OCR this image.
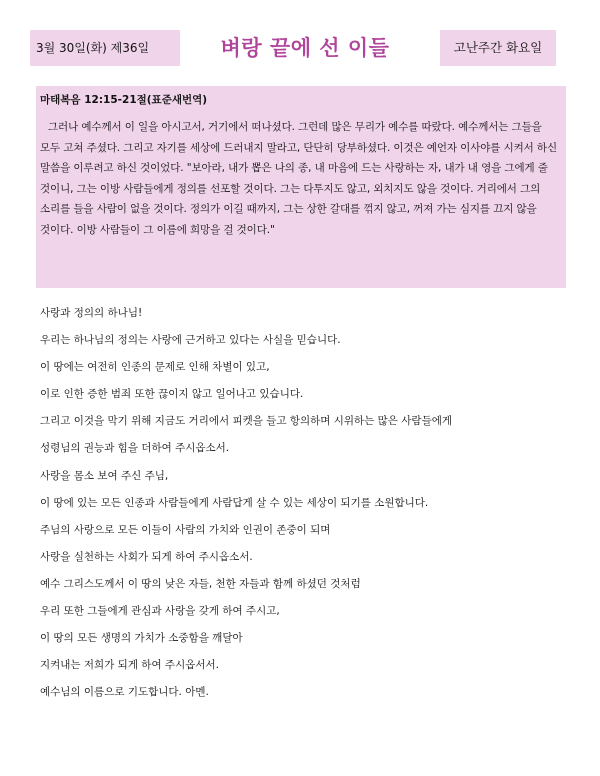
3월 30일(화) 제36일	벼랑 끝에 선 이들	고난주간 화요일
마태복음 12:15-21절(표준새번역)

그러나 예수께서 이 일을 아시고서, 거기에서 떠나셨다. 그런데 많은 무리가 예수를 따랐다. 예수께서는 그들을 모두 고쳐 주셨다. 그리고 자기를 세상에 드러내지 말라고, 단단히 당부하셨다. 이것은 예언자 이사야를 시켜서 하신 말씀을 이루려고 하신 것이었다. "보아라, 내가 뽑은 나의 종, 내 마음에 드는 사랑하는 자, 내가 내 영을 그에게 줄 것이니, 그는 이방 사람들에게 정의를 선포할 것이다. 그는 다투지도 않고, 외치지도 않을 것이다. 거리에서 그의 소리를 들을 사람이 없을 것이다. 정의가 이길 때까지, 그는 상한 갈대를 꺾지 않고, 꺼져 가는 심지를 끄지 않을 것이다. 이방 사람들이 그 이름에 희망을 걸 것이다."

사랑과 정의의 하나님!
우리는 하나님의 정의는 사랑에 근거하고 있다는 사실을 믿습니다.
이 땅에는 여전히 인종의 문제로 인해 차별이 있고,
이로 인한 증한 범죄 또한 끊이지 않고 일어나고 있습니다.
그리고 이것을 막기 위해 지금도 거리에서 피켓을 들고 항의하며 시위하는 많은 사람들에게
성령님의 권능과 힘을 더하여 주시옵소서.
사랑을 몸소 보여 주신 주님,
이 땅에 있는 모든 인종과 사람들에게 사람답게 살 수 있는 세상이 되기를 소원합니다.
주님의 사랑으로 모든 이들이 사람의 가치와 인권이 존중이 되며
사랑을 실천하는 사회가 되게 하여 주시옵소서.
예수 그리스도께서 이 땅의 낮은 자들, 천한 자들과 함께 하셨던 것처럼
우리 또한 그들에게 관심과 사랑을 갖게 하여 주시고,
이 땅의 모든 생명의 가치가 소중함을 깨달아
지켜내는 저희가 되게 하여 주시옵서서.
예수님의 이름으로 기도합니다. 아멘.
